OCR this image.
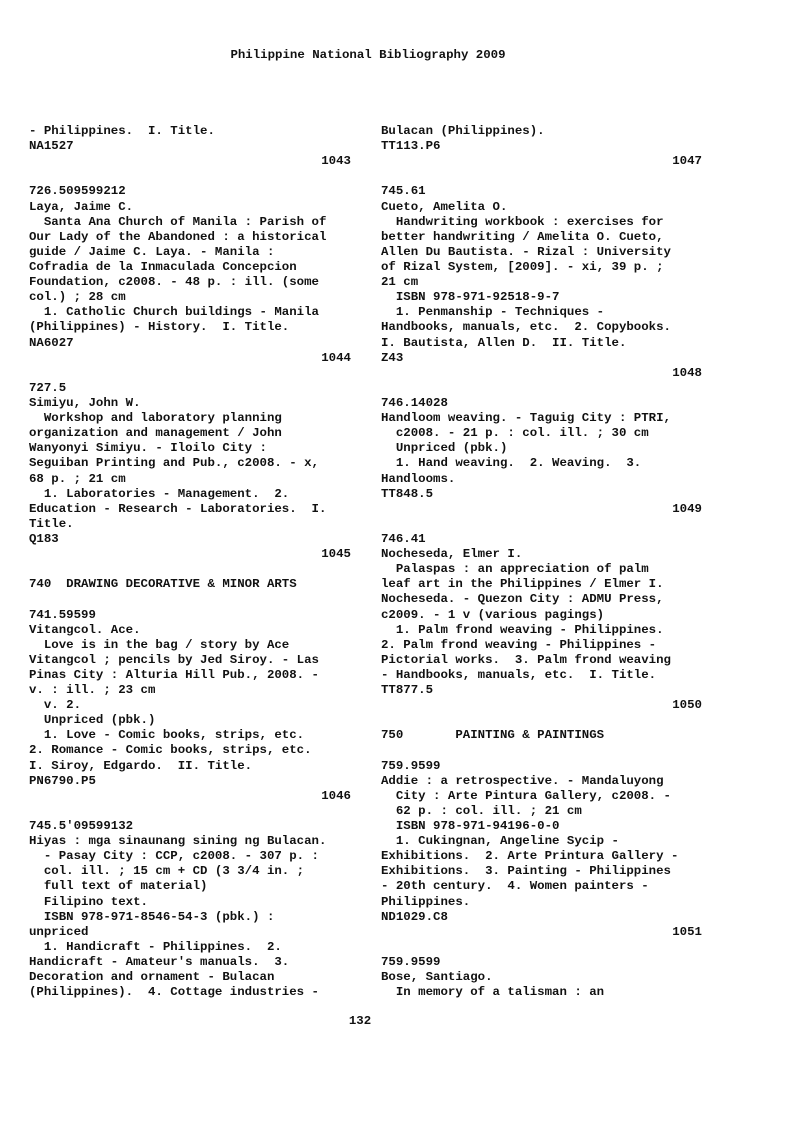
Philippine National Bibliography 2009
- Philippines.  I. Title.
NA1527
1043

726.509599212
Laya, Jaime C.
Santa Ana Church of Manila : Parish of
Our Lady of the Abandoned : a historical
guide / Jaime C. Laya. - Manila :
Cofradia de la Inmaculada Concepcion
Foundation, c2008. - 48 p. : ill. (some
col.) ; 28 cm
1. Catholic Church buildings - Manila
(Philippines) - History.  I. Title.
NA6027
1044

727.5
Simiyu, John W.
Workshop and laboratory planning
organization and management / John
Wanyonyi Simiyu. - Iloilo City :
Seguiban Printing and Pub., c2008. - x,
68 p. ; 21 cm
1. Laboratories - Management.  2.
Education - Research - Laboratories.  I.
Title.
Q183
1045

740  DRAWING DECORATIVE & MINOR ARTS

741.59599
Vitangcol. Ace.
Love is in the bag / story by Ace
Vitangcol ; pencils by Jed Siroy. - Las
Pinas City : Alturia Hill Pub., 2008. -
v. : ill. ; 23 cm
v. 2.
Unpriced (pbk.)
1. Love - Comic books, strips, etc.
2. Romance - Comic books, strips, etc.
I. Siroy, Edgardo.  II. Title.
PN6790.P5
1046

745.5'09599132
Hiyas : mga sinaunang sining ng Bulacan.
- Pasay City : CCP, c2008. - 307 p. :
col. ill. ; 15 cm + CD (3 3/4 in. ;
full text of material)
Filipino text.
ISBN 978-971-8546-54-3 (pbk.) :
unpriced
1. Handicraft - Philippines.  2.
Handicraft - Amateur's manuals.  3.
Decoration and ornament - Bulacan
(Philippines).  4. Cottage industries -
Bulacan (Philippines).
TT113.P6
1047

745.61
Cueto, Amelita O.
Handwriting workbook : exercises for
better handwriting / Amelita O. Cueto,
Allen Du Bautista. - Rizal : University
of Rizal System, [2009]. - xi, 39 p. ;
21 cm
ISBN 978-971-92518-9-7
1. Penmanship - Techniques -
Handbooks, manuals, etc.  2. Copybooks.
I. Bautista, Allen D.  II. Title.
Z43
1048

746.14028
Handloom weaving. - Taguig City : PTRI,
c2008. - 21 p. : col. ill. ; 30 cm
Unpriced (pbk.)
1. Hand weaving.  2. Weaving.  3.
Handlooms.
TT848.5
1049

746.41
Nocheseda, Elmer I.
Palaspas : an appreciation of palm
leaf art in the Philippines / Elmer I.
Nocheseda. - Quezon City : ADMU Press,
c2009. - 1 v (various pagings)
1. Palm frond weaving - Philippines.
2. Palm frond weaving - Philippines -
Pictorial works.  3. Palm frond weaving
- Handbooks, manuals, etc.  I. Title.
TT877.5
1050

750       PAINTING & PAINTINGS

759.9599
Addie : a retrospective. - Mandaluyong
City : Arte Pintura Gallery, c2008. -
62 p. : col. ill. ; 21 cm
ISBN 978-971-94196-0-0
1. Cukingnan, Angeline Sycip -
Exhibitions.  2. Arte Printura Gallery -
Exhibitions.  3. Painting - Philippines
- 20th century.  4. Women painters -
Philippines.
ND1029.C8
1051

759.9599
Bose, Santiago.
In memory of a talisman : an
132
